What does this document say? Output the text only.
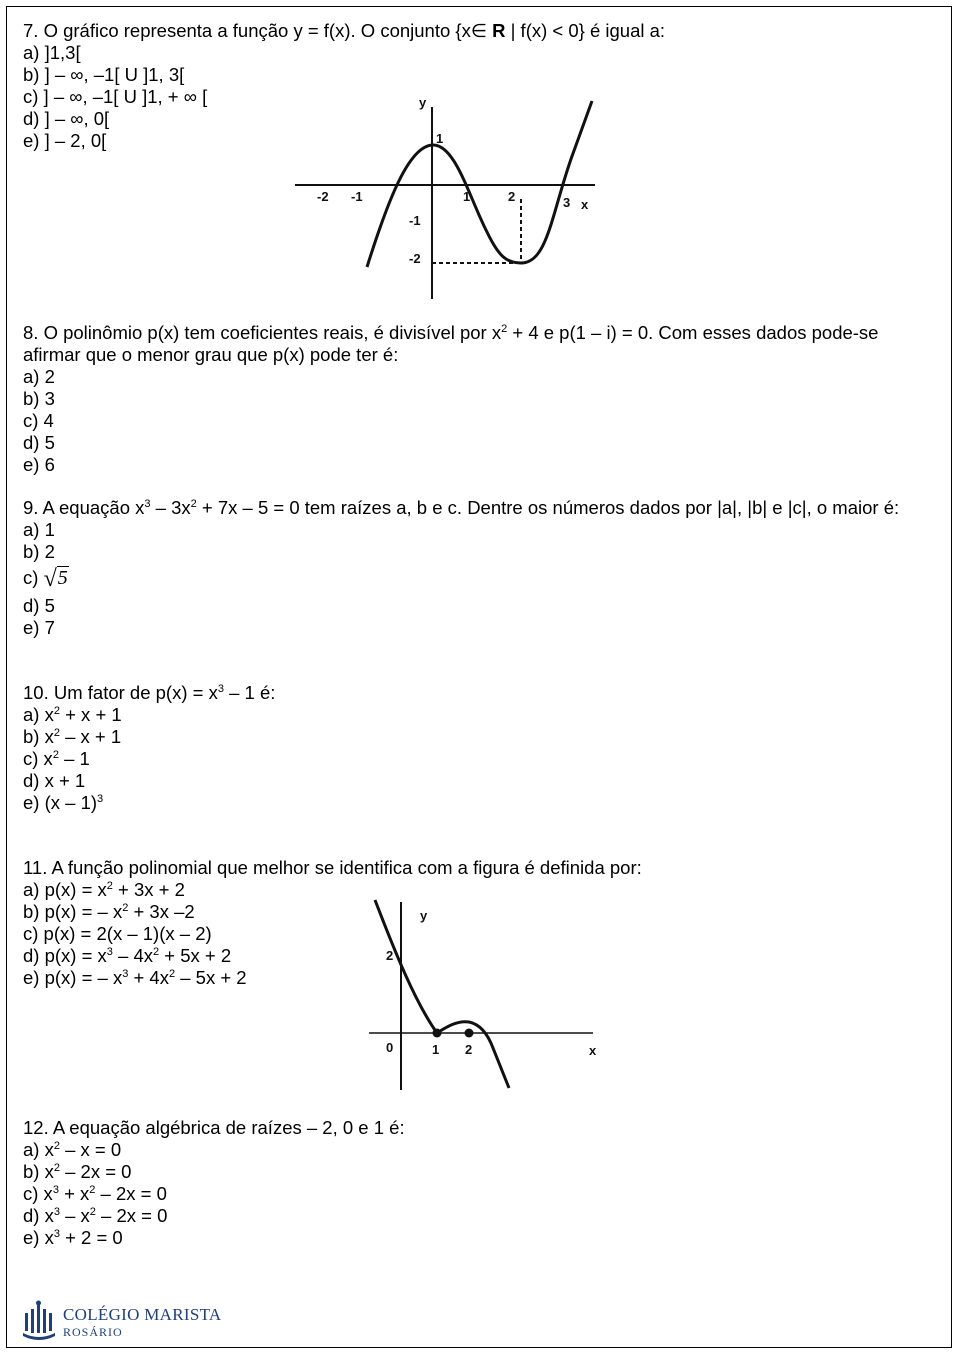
7. O gráfico representa a função y = f(x). O conjunto {x∈ R | f(x) < 0} é igual a:
a) ]1,3[
b) ] – ∞, –1[ U ]1, 3[
c) ] – ∞, –1[ U ]1, + ∞ [
d) ] – ∞, 0[
e) ] – 2, 0[
y
x
-2 -1	1	2	3
1
-1
-2
8. O polinômio p(x) tem coeficientes reais, é divisível por $x^2 + 4$ e p(1 – i) = 0. Com esses dados pode-se
afirmar que o menor grau que p(x) pode ter é:
a) 2
b) 3
c) 4
d) 5
e) 6
9. A equação $x^3 - 3x^2 + 7x - 5 = 0$ tem raízes a, b e c. Dentre os números dados por |a|, |b| e |c|, o maior é:
a) 1
b) 2
c) √5
d) 5
e) 7
10. Um fator de $p(x) = x^3 - 1$ é:
a) $x^2 + x + 1$
b) $x^2 - x + 1$
c) $x^2 - 1$
d) x + 1
e) (x – 1)$^3$
11. A função polinomial que melhor se identifica com a figura é definida por:
a) $p(x) = x^2 + 3x + 2$
b) p(x) = – $x^2 + 3x$ –2
c) p(x) = 2(x – 1)(x – 2)
d) $p(x) = x^3 - 4x^2 + 5x + 2$
e) p(x) = – $x^3 + 4x^2 - 5x + 2$
y
x
2
0	1 2
12. A equação algébrica de raízes – 2, 0 e 1 é:
a) $x^2 - x = 0$
b) $x^2 - 2x = 0$
c) $x^3 + x^2 - 2x = 0$
d) $x^3 - x^2 - 2x = 0$
e) $x^3 + 2 = 0$
COLÉGIO MARISTA
ROSÁRIO
